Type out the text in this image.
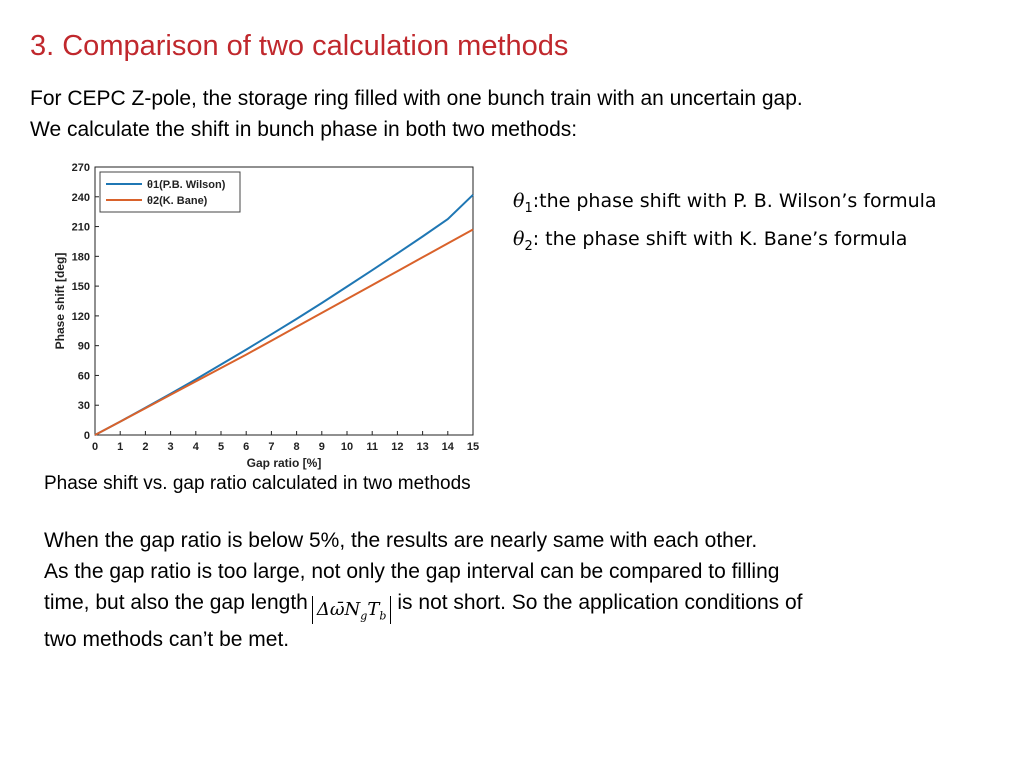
3. Comparison of two calculation methods
For CEPC Z-pole, the storage ring filled with one bunch train with an uncertain gap.
We calculate the shift in bunch phase in both two methods:
0
30
60
90
120
150
180
210
240
270
0 1 2 3 4 5 6 7 8 9 10 11 12 13 14 15
Gap ratio [%]
Phase shift [deg]
θ1(P.B. Wilson)
θ2(K. Bane)	$\theta_1:the$ phase shift with P. B. Wilson’s formula
$\theta_2$: the phase shift with K. Bane’s formula
Phase shift vs. gap ratio calculated in two methods
When the gap ratio is below 5%, the results are nearly same with each other.
As the gap ratio is too large, not only the gap interval can be compared to filling
time, but also the gap length $\Delta\omegāN_gT_bis$ not short. So the application conditions of
two methods can’t be met.
